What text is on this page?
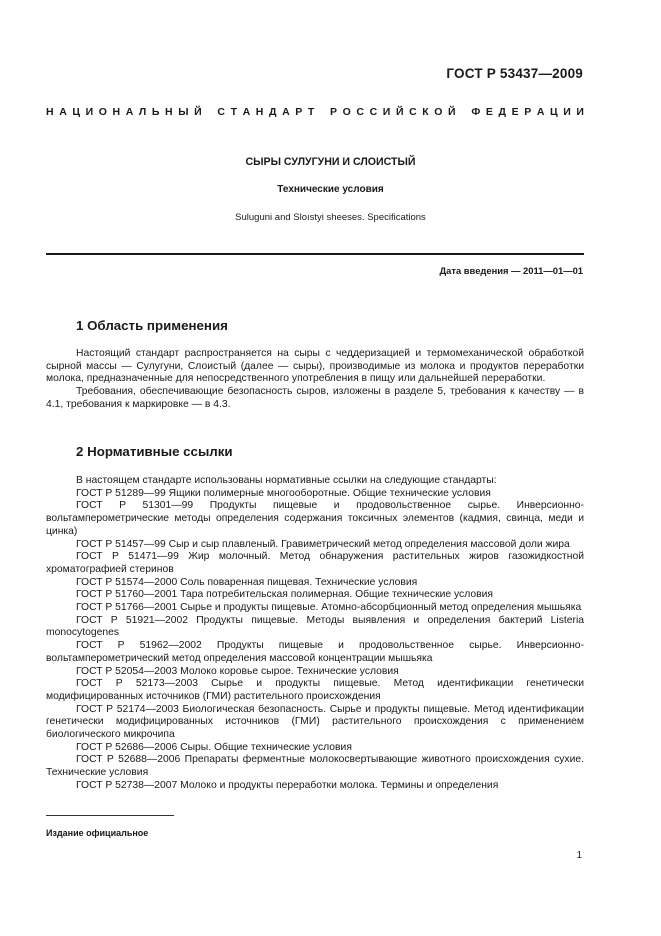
ГОСТ Р 53437—2009
Н А Ц И О Н А Л Ь Н Ы Й С Т А Н Д А Р Т Р О С С И Й С К О Й Ф Е Д Е Р А Ц И И
СЫРЫ СУЛУГУНИ И СЛОИСТЫЙ
Технические условия
Suluguni and Sloıstyi sheeses. Specifications
Дата введения — 2011—01—01
1 Область применения

Настоящий стандарт распространяется на сыры с чеддеризацией и термомеханической обработкой сырной массы — Сулугуни, Слоистый (далее — сыры), производимые из молока и продуктов переработки молока, предназначенные для непосредственного употребления в пищу или дальнейшей переработки.

Требования, обеспечивающие безопасность сыров, изложены в разделе 5, требования к качеству — в 4.1, требования к маркировке — в 4.3.

2 Нормативные ссылки

В настоящем стандарте использованы нормативные ссылки на следующие стандарты:

ГОСТ Р 51289—99 Ящики полимерные многооборотные. Общие технические условия

ГОСТ Р 51301—99 Продукты пищевые и продовольственное сырье. Инверсионно-вольтамперометрические методы определения содержания токсичных элементов (кадмия, свинца, меди и цинка)

ГОСТ Р 51457—99 Сыр и сыр плавленый. Гравиметрический метод определения массовой доли жира

ГОСТ Р 51471—99 Жир молочный. Метод обнаружения растительных жиров газожидкостной хроматографией стеринов

ГОСТ Р 51574—2000 Соль поваренная пищевая. Технические условия

ГОСТ Р 51760—2001 Тара потребительская полимерная. Общие технические условия

ГОСТ Р 51766—2001 Сырье и продукты пищевые. Атомно-абсорбционный метод определения мышьяка

ГОСТ Р 51921—2002 Продукты пищевые. Методы выявления и определения бактерий Listeria monocytogenes

ГОСТ Р 51962—2002 Продукты пищевые и продовольственное сырье. Инверсионно-вольтамперометрический метод определения массовой концентрации мышьяка

ГОСТ Р 52054—2003 Молоко коровье сырое. Технические условия

ГОСТ Р 52173—2003 Сырье и продукты пищевые. Метод идентификации генетически модифицированных источников (ГМИ) растительного происхождения

ГОСТ Р 52174—2003 Биологическая безопасность. Сырье и продукты пищевые. Метод идентификации генетически модифицированных источников (ГМИ) растительного происхождения с применением биологического микрочипа

ГОСТ Р 52686—2006 Сыры. Общие технические условия

ГОСТ Р 52688—2006 Препараты ферментные молокосвертывающие животного происхождения сухие. Технические условия

ГОСТ Р 52738—2007 Молоко и продукты переработки молока. Термины и определения

Издание официальное
1
